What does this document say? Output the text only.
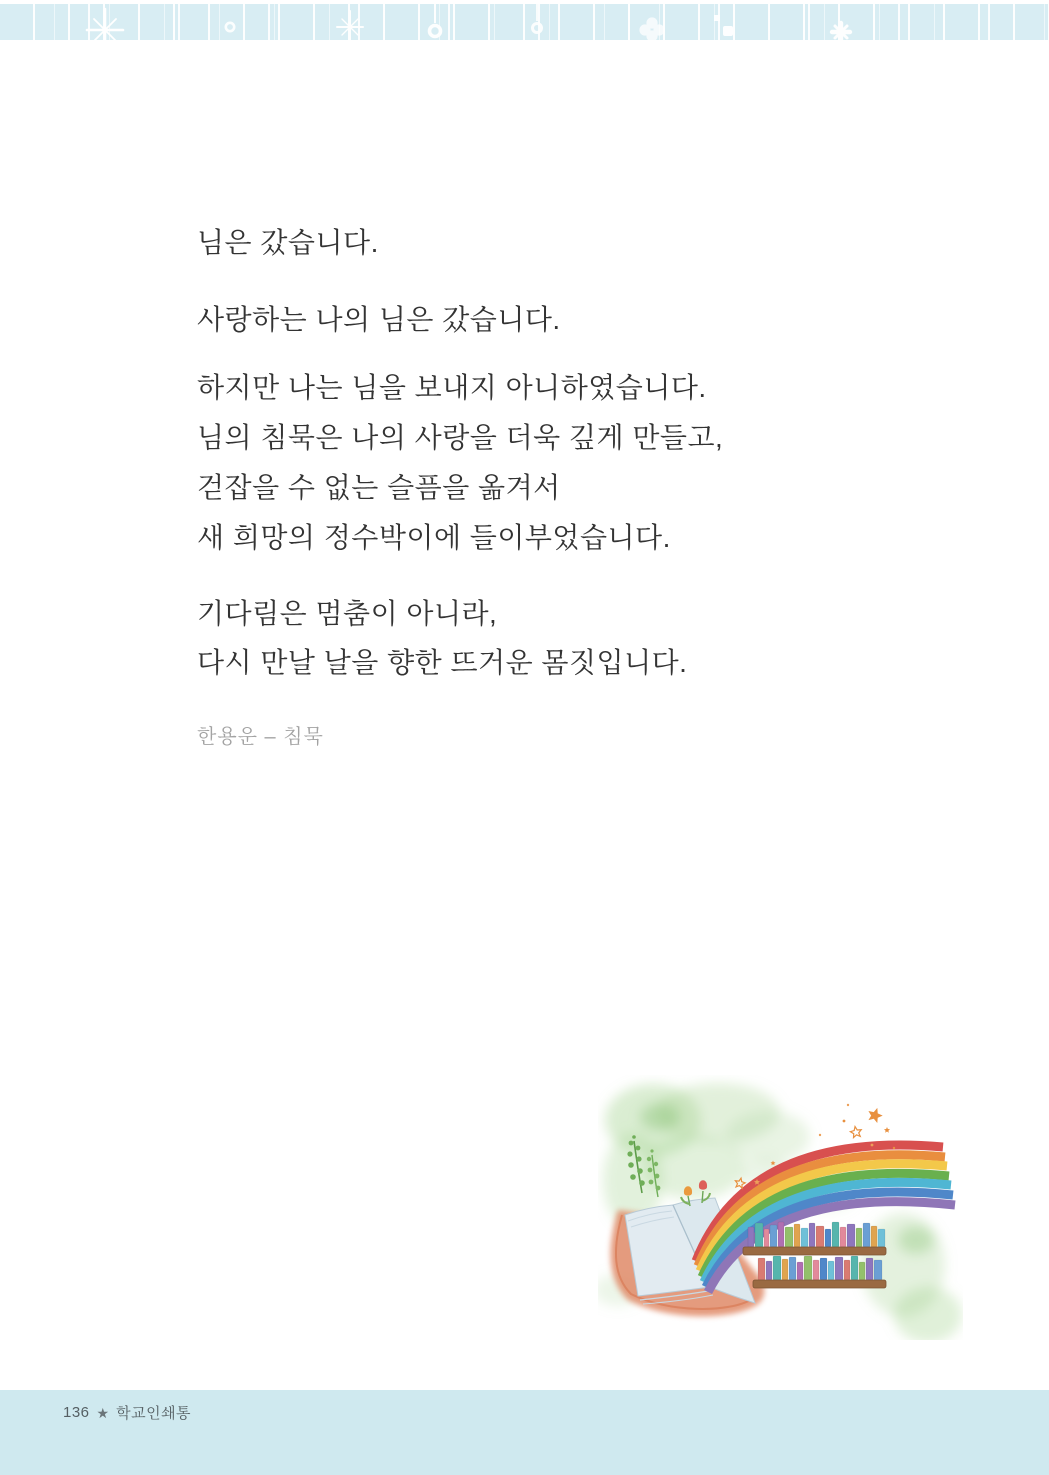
님은 갔습니다.

사랑하는 나의 님은 갔습니다.

하지만 나는 님을 보내지 아니하였습니다.

님의 침묵은 나의 사랑을 더욱 깊게 만들고,

걷잡을 수 없는 슬픔을 옮겨서

새 희망의 정수박이에 들이부었습니다.

기다림은 멈춤이 아니라,

다시 만날 날을 향한 뜨거운 몸짓입니다.

한용운 – 침묵

136 ★ 학교인쇄통
